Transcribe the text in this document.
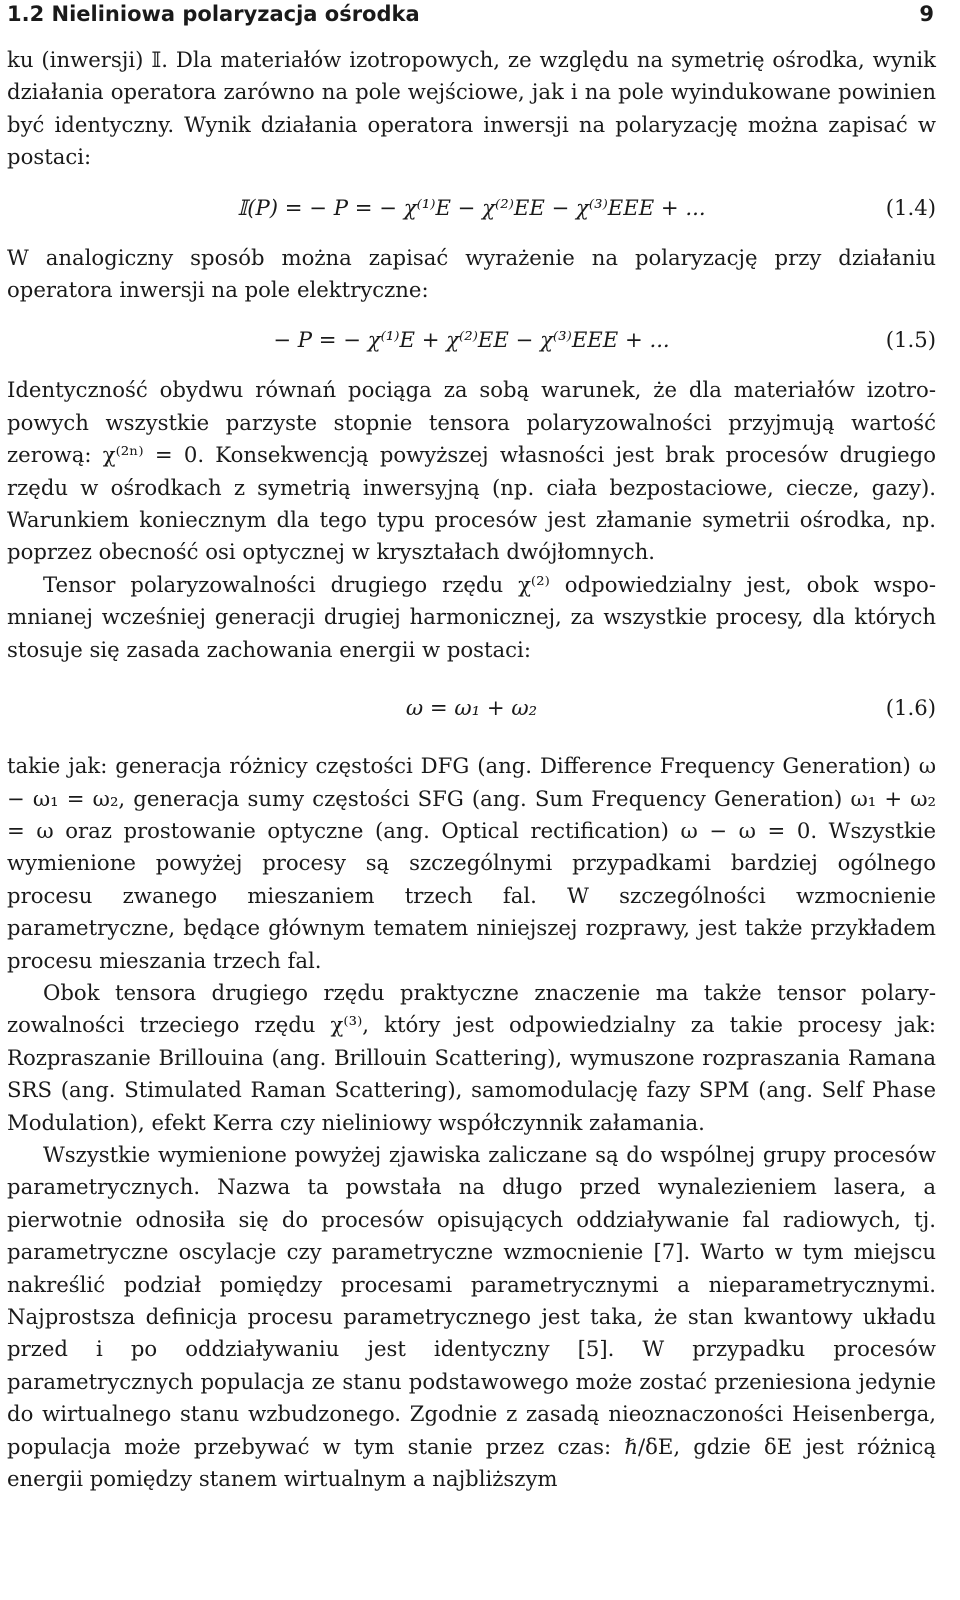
1.2 Nieliniowa polaryzacja ośrodka	9

ku (inwersji) 𝕀. Dla materiałów izotropowych, ze względu na symetrię ośrodka, wynik działania operatora zarówno na pole wejściowe, jak i na pole wyindukowane powinien być identyczny. Wynik działania operatora inwersji na polaryzację można zapisać w postaci:

𝕀(P) = − P = − χ⁽¹⁾E − χ⁽²⁾EE − χ⁽³⁾EEE + ...	(1.4)

W analogiczny sposób można zapisać wyrażenie na polaryzację przy działaniu operatora inwersji na pole elektryczne:

− P = − χ⁽¹⁾E + χ⁽²⁾EE − χ⁽³⁾EEE + ...	(1.5)

Identyczność obydwu równań pociąga za sobą warunek, że dla materiałów izotropowych wszystkie parzyste stopnie tensora polaryzowalności przyjmują wartość zerową: χ⁽²ⁿ⁾ = 0. Konsekwencją powyższej własności jest brak procesów drugiego rzędu w ośrodkach z symetrią inwersyjną (np. ciała bezpostaciowe, ciecze, gazy). Warunkiem koniecznym dla tego typu procesów jest złamanie symetrii ośrodka, np. poprzez obecność osi optycznej w kryształach dwójłomnych.

Tensor polaryzowalności drugiego rzędu χ⁽²⁾ odpowiedzialny jest, obok wspomnianej wcześniej generacji drugiej harmonicznej, za wszystkie procesy, dla których stosuje się zasada zachowania energii w postaci:

ω = ω₁ + ω₂	(1.6)

takie jak: generacja różnicy częstości DFG (ang. Difference Frequency Generation) ω − ω₁ = ω₂, generacja sumy częstości SFG (ang. Sum Frequency Generation) ω₁ + ω₂ = ω oraz prostowanie optyczne (ang. Optical rectification) ω − ω = 0. Wszystkie wymienione powyżej procesy są szczególnymi przypadkami bardziej ogólnego procesu zwanego mieszaniem trzech fal. W szczególności wzmocnienie parametryczne, będące głównym tematem niniejszej rozprawy, jest także przykładem procesu mieszania trzech fal.

Obok tensora drugiego rzędu praktyczne znaczenie ma także tensor polaryzowalności trzeciego rzędu χ⁽³⁾, który jest odpowiedzialny za takie procesy jak: Rozpraszanie Brillouina (ang. Brillouin Scattering), wymuszone rozpraszania Ramana SRS (ang. Stimulated Raman Scattering), samomodulację fazy SPM (ang. Self Phase Modulation), efekt Kerra czy nieliniowy współczynnik załamania.

Wszystkie wymienione powyżej zjawiska zaliczane są do wspólnej grupy procesów parametrycznych. Nazwa ta powstała na długo przed wynalezieniem lasera, a pierwotnie odnosiła się do procesów opisujących oddziaływanie fal radiowych, tj. parametryczne oscylacje czy parametryczne wzmocnienie [7]. Warto w tym miejscu nakreślić podział pomiędzy procesami parametrycznymi a nieparametrycznymi. Najprostsza definicja procesu parametrycznego jest taka, że stan kwantowy układu przed i po oddziaływaniu jest identyczny [5]. W przypadku procesów parametrycznych populacja ze stanu podstawowego może zostać przeniesiona jedynie do wirtualnego stanu wzbudzonego. Zgodnie z zasadą nieoznaczoności Heisenberga, populacja może przebywać w tym stanie przez czas: ℏ/δE, gdzie δE jest różnicą energii pomiędzy stanem wirtualnym a najbliższym
